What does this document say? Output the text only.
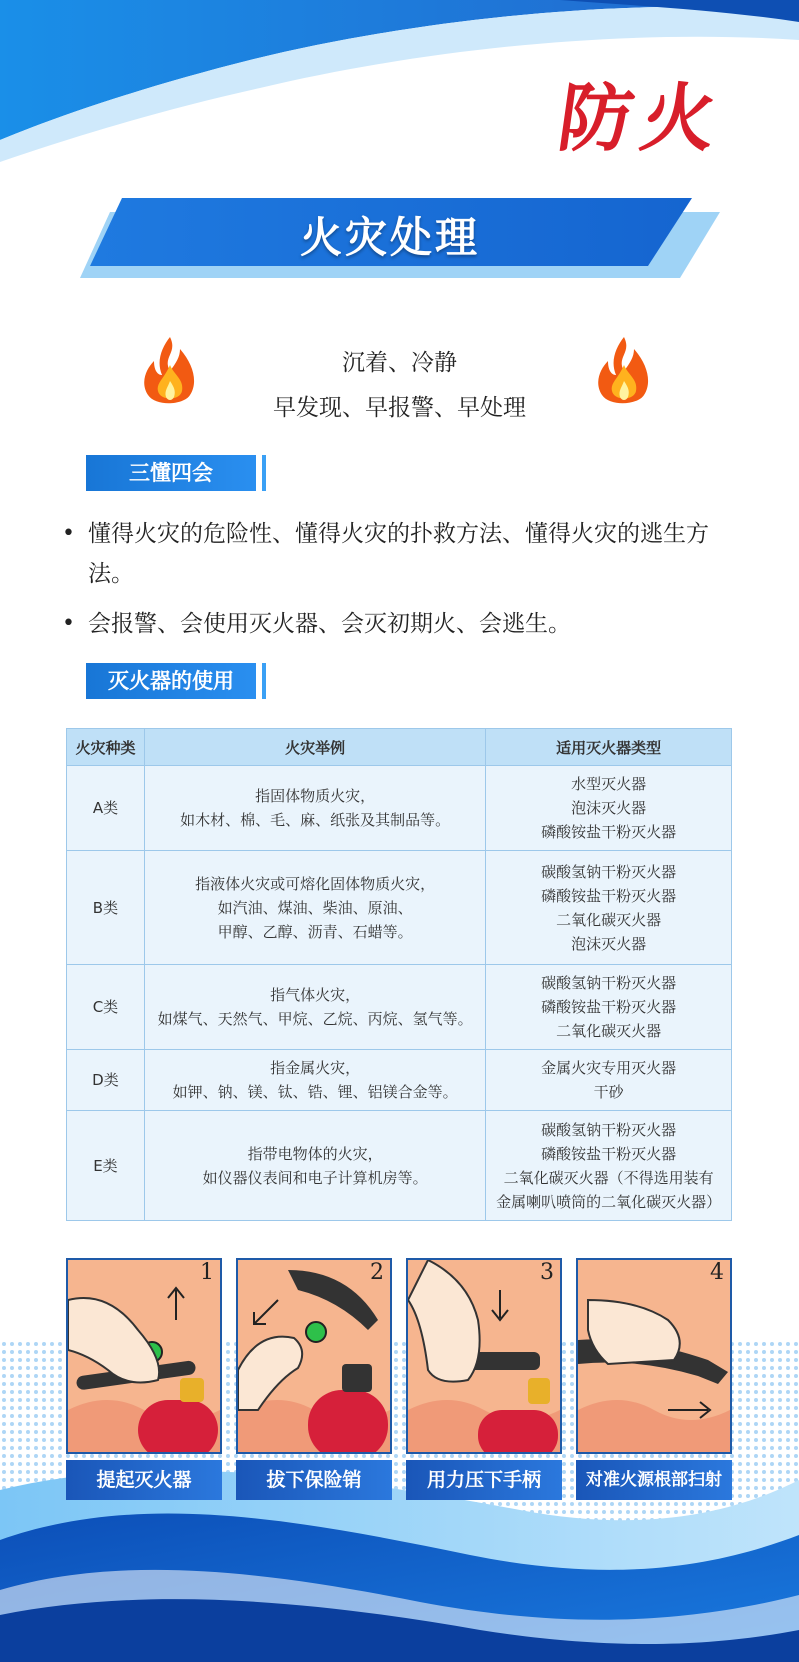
防火
火灾处理
沉着、冷静
早发现、早报警、早处理
三懂四会
• 懂得火灾的危险性、懂得火灾的扑救方法、懂得火灾的逃生方法。
• 会报警、会使用灭火器、会灭初期火、会逃生。
灭火器的使用
火灾种类	火灾举例	适用灭火器类型
A类	指固体物质火灾，
如木材、棉、毛、麻、纸张及其制品等。	水型灭火器
泡沫灭火器
磷酸铵盐干粉灭火器
B类	指液体火灾或可熔化固体物质火灾，
如汽油、煤油、柴油、原油、
甲醇、乙醇、沥青、石蜡等。	碳酸氢钠干粉灭火器
磷酸铵盐干粉灭火器
二氧化碳灭火器
泡沫灭火器
C类	指气体火灾，
如煤气、天然气、甲烷、乙烷、丙烷、氢气等。	碳酸氢钠干粉灭火器
磷酸铵盐干粉灭火器
二氧化碳灭火器
D类	指金属火灾，
如钾、钠、镁、钛、锆、锂、铝镁合金等。	金属火灾专用灭火器
干砂
E类	指带电物体的火灾，
如仪器仪表间和电子计算机房等。	碳酸氢钠干粉灭火器
磷酸铵盐干粉灭火器
二氧化碳灭火器（不得选用装有
金属喇叭喷筒的二氧化碳灭火器）
1	2	3	4
提起灭火器	拔下保险销	用力压下手柄	对准火源根部扫射
